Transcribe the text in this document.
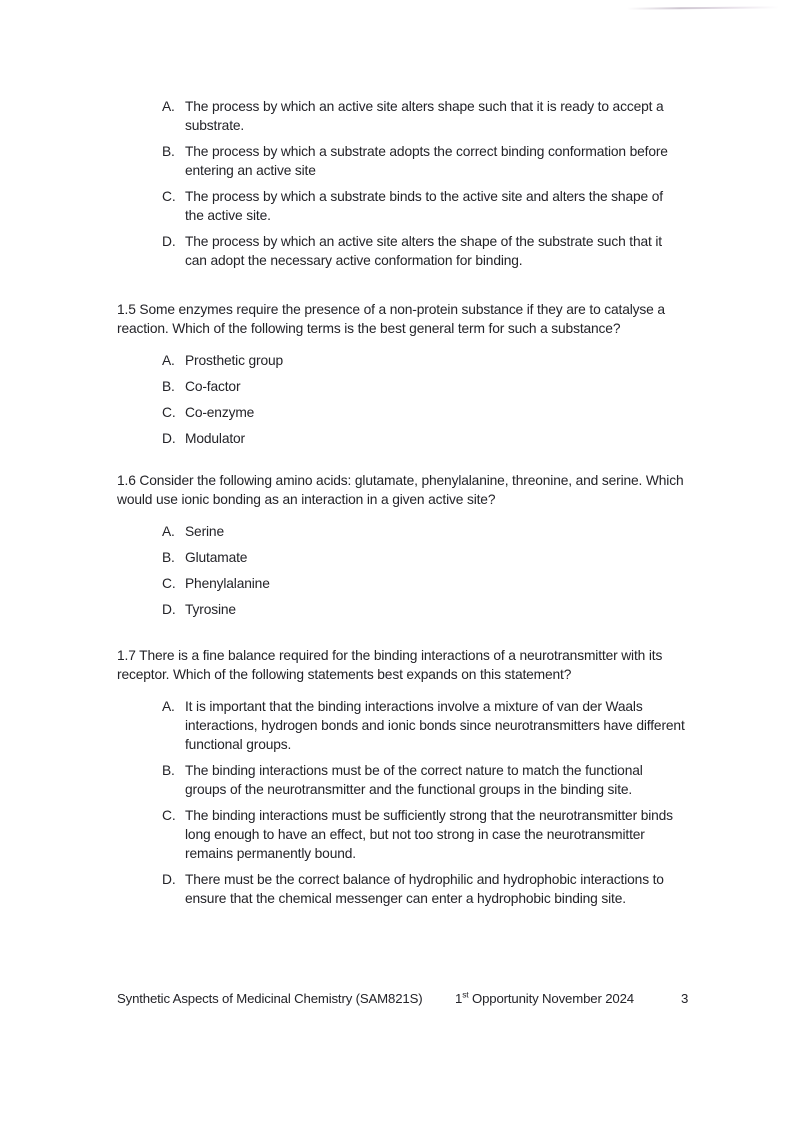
A. The process by which an active site alters shape such that it is ready to accept a substrate.
B. The process by which a substrate adopts the correct binding conformation before entering an active site
C. The process by which a substrate binds to the active site and alters the shape of the active site.
D. The process by which an active site alters the shape of the substrate such that it can adopt the necessary active conformation for binding.

1.5 Some enzymes require the presence of a non-protein substance if they are to catalyse a reaction. Which of the following terms is the best general term for such a substance?

A. Prosthetic group
B. Co-factor
C. Co-enzyme
D. Modulator

1.6 Consider the following amino acids: glutamate, phenylalanine, threonine, and serine. Which would use ionic bonding as an interaction in a given active site?

A. Serine
B. Glutamate
C. Phenylalanine
D. Tyrosine

1.7 There is a fine balance required for the binding interactions of a neurotransmitter with its receptor. Which of the following statements best expands on this statement?

A. It is important that the binding interactions involve a mixture of van der Waals interactions, hydrogen bonds and ionic bonds since neurotransmitters have different functional groups.
B. The binding interactions must be of the correct nature to match the functional groups of the neurotransmitter and the functional groups in the binding site.
C. The binding interactions must be sufficiently strong that the neurotransmitter binds long enough to have an effect, but not too strong in case the neurotransmitter remains permanently bound.
D. There must be the correct balance of hydrophilic and hydrophobic interactions to ensure that the chemical messenger can enter a hydrophobic binding site.
Synthetic Aspects of Medicinal Chemistry (SAM821S) 1st Opportunity November 2024	3
